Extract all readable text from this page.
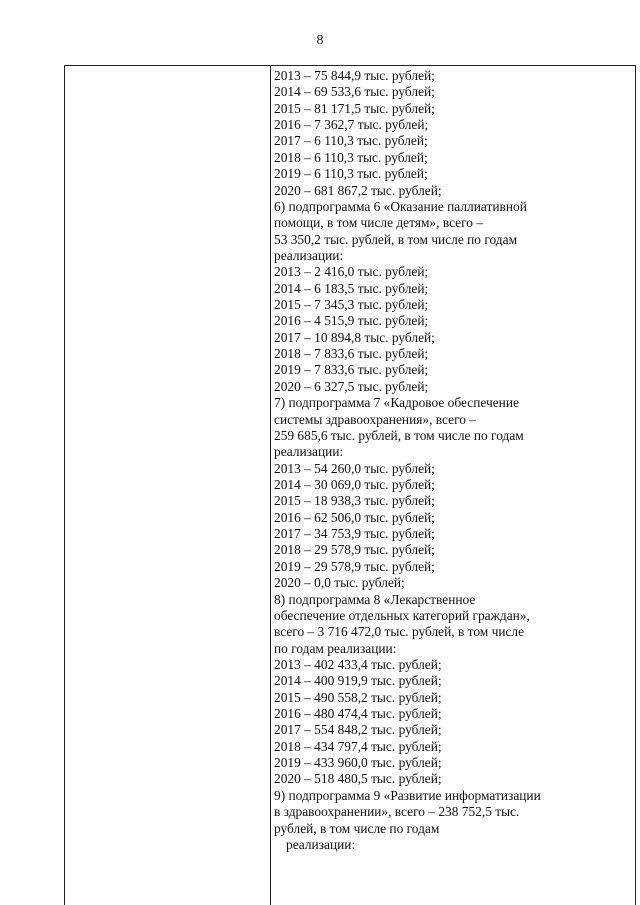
8
2013 – 75 844,9 тыс. рублей;
2014 – 69 533,6 тыс. рублей;
2015 – 81 171,5 тыс. рублей;
2016 – 7 362,7 тыс. рублей;
2017 – 6 110,3 тыс. рублей;
2018 – 6 110,3 тыс. рублей;
2019 – 6 110,3 тыс. рублей;
2020 – 681 867,2 тыс. рублей;
6) подпрограмма 6 «Оказание паллиативной
помощи, в том числе детям», всего –
53 350,2 тыс. рублей, в том числе по годам
реализации:
2013 – 2 416,0 тыс. рублей;
2014 – 6 183,5 тыс. рублей;
2015 – 7 345,3 тыс. рублей;
2016 – 4 515,9 тыс. рублей;
2017 – 10 894,8 тыс. рублей;
2018 – 7 833,6 тыс. рублей;
2019 – 7 833,6 тыс. рублей;
2020 – 6 327,5 тыс. рублей;
7) подпрограмма 7 «Кадровое обеспечение
системы здравоохранения», всего –
259 685,6 тыс. рублей, в том числе по годам
реализации:
2013 – 54 260,0 тыс. рублей;
2014 – 30 069,0 тыс. рублей;
2015 – 18 938,3 тыс. рублей;
2016 – 62 506,0 тыс. рублей;
2017 – 34 753,9 тыс. рублей;
2018 – 29 578,9 тыс. рублей;
2019 – 29 578,9 тыс. рублей;
2020 – 0,0 тыс. рублей;
8) подпрограмма 8 «Лекарственное
обеспечение отдельных категорий граждан»,
всего – 3 716 472,0 тыс. рублей, в том числе
по годам реализации:
2013 – 402 433,4 тыс. рублей;
2014 – 400 919,9 тыс. рублей;
2015 – 490 558,2 тыс. рублей;
2016 – 480 474,4 тыс. рублей;
2017 – 554 848,2 тыс. рублей;
2018 – 434 797,4 тыс. рублей;
2019 – 433 960,0 тыс. рублей;
2020 – 518 480,5 тыс. рублей;
9) подпрограмма 9 «Развитие информатизации
в здравоохранении», всего – 238 752,5 тыс.
рублей, в том числе по годам
реализации:
